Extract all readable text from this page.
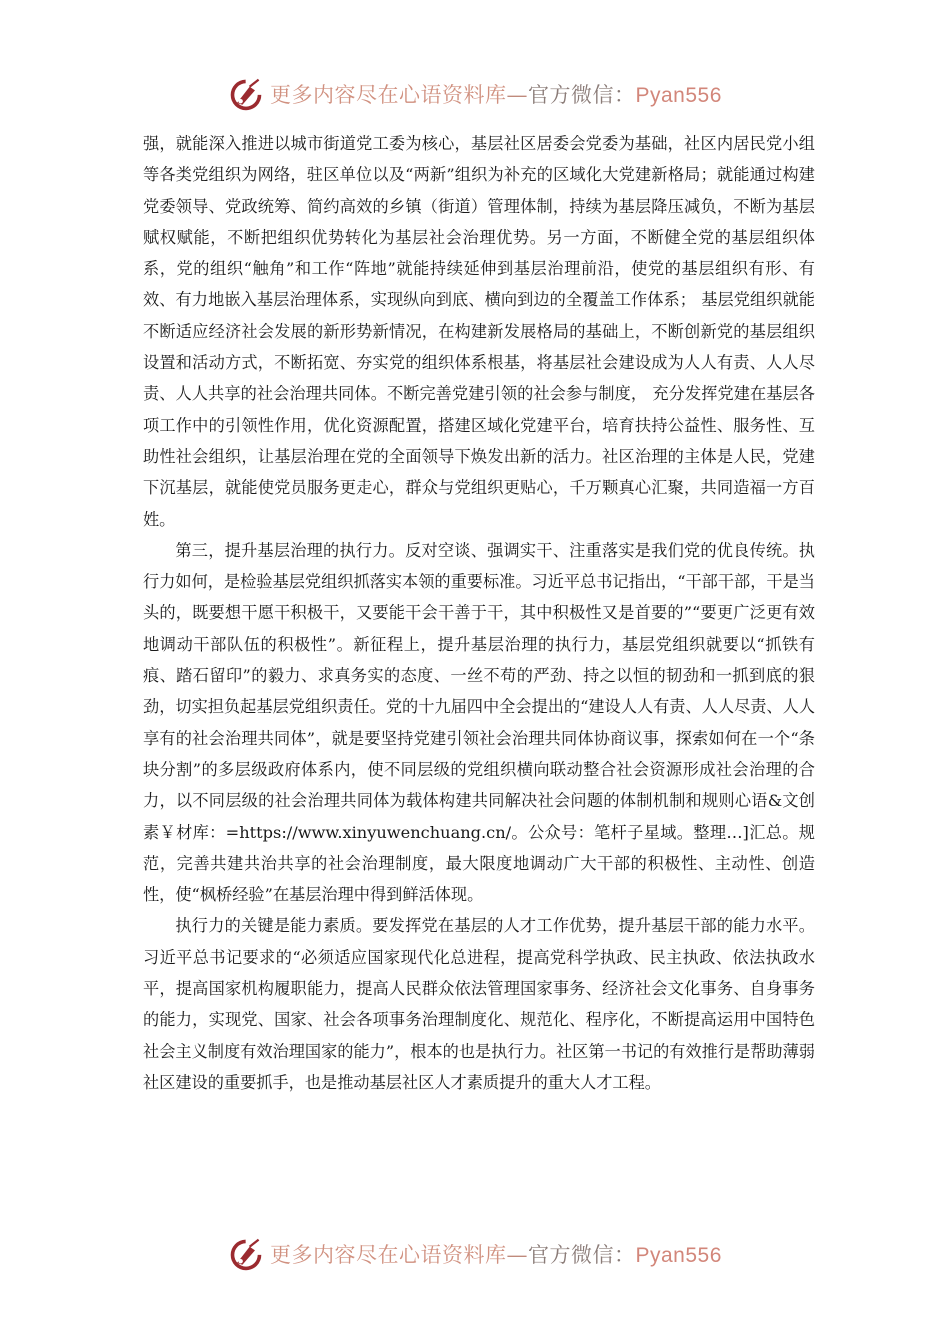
更多内容尽在心语资料库—官方微信：Pyan556

强，就能深入推进以城市街道党工委为核心，基层社区居委会党委为基础，社区内居民党小组等各类党组织为网络，驻区单位以及“两新”组织为补充的区域化大党建新格局；就能通过构建党委领导、党政统筹、简约高效的乡镇（街道）管理体制，持续为基层降压减负，不断为基层赋权赋能，不断把组织优势转化为基层社会治理优势。另一方面，不断健全党的基层组织体系，党的组织“触角”和工作“阵地”就能持续延伸到基层治理前沿，使党的基层组织有形、有效、有力地嵌入基层治理体系，实现纵向到底、横向到边的全覆盖工作体系； 基层党组织就能不断适应经济社会发展的新形势新情况，在构建新发展格局的基础上，不断创新党的基层组织设置和活动方式，不断拓宽、夯实党的组织体系根基，将基层社会建设成为人人有责、人人尽责、人人共享的社会治理共同体。不断完善党建引领的社会参与制度， 充分发挥党建在基层各项工作中的引领性作用，优化资源配置，搭建区域化党建平台，培育扶持公益性、服务性、互助性社会组织，让基层治理在党的全面领导下焕发出新的活力。社区治理的主体是人民，党建下沉基层，就能使党员服务更走心，群众与党组织更贴心，千万颗真心汇聚，共同造福一方百姓。

第三，提升基层治理的执行力。反对空谈、强调实干、注重落实是我们党的优良传统。执行力如何，是检验基层党组织抓落实本领的重要标准。习近平总书记指出，“干部干部，干是当头的，既要想干愿干积极干，又要能干会干善于干，其中积极性又是首要的”“要更广泛更有效地调动干部队伍的积极性”。新征程上，提升基层治理的执行力，基层党组织就要以“抓铁有痕、踏石留印”的毅力、求真务实的态度、一丝不苟的严劲、持之以恒的韧劲和一抓到底的狠劲，切实担负起基层党组织责任。党的十九届四中全会提出的“建设人人有责、人人尽责、人人享有的社会治理共同体”，就是要坚持党建引领社会治理共同体协商议事，探索如何在一个“条块分割”的多层级政府体系内，使不同层级的党组织横向联动整合社会资源形成社会治理的合力，以不同层级的社会治理共同体为载体构建共同解决社会问题的体制机制和规则心语&文创素￥材库：=https://www.xinyuwenchuang.cn/。公众号：笔杆子星域。整理…]汇总。规范，完善共建共治共享的社会治理制度，最大限度地调动广大干部的积极性、主动性、创造性，使“枫桥经验”在基层治理中得到鲜活体现。

执行力的关键是能力素质。要发挥党在基层的人才工作优势，提升基层干部的能力水平。习近平总书记要求的“必须适应国家现代化总进程，提高党科学执政、民主执政、依法执政水平，提高国家机构履职能力，提高人民群众依法管理国家事务、经济社会文化事务、自身事务的能力，实现党、国家、社会各项事务治理制度化、规范化、程序化，不断提高运用中国特色社会主义制度有效治理国家的能力”，根本的也是执行力。社区第一书记的有效推行是帮助薄弱社区建设的重要抓手，也是推动基层社区人才素质提升的重大人才工程。

更多内容尽在心语资料库—官方微信：Pyan556
